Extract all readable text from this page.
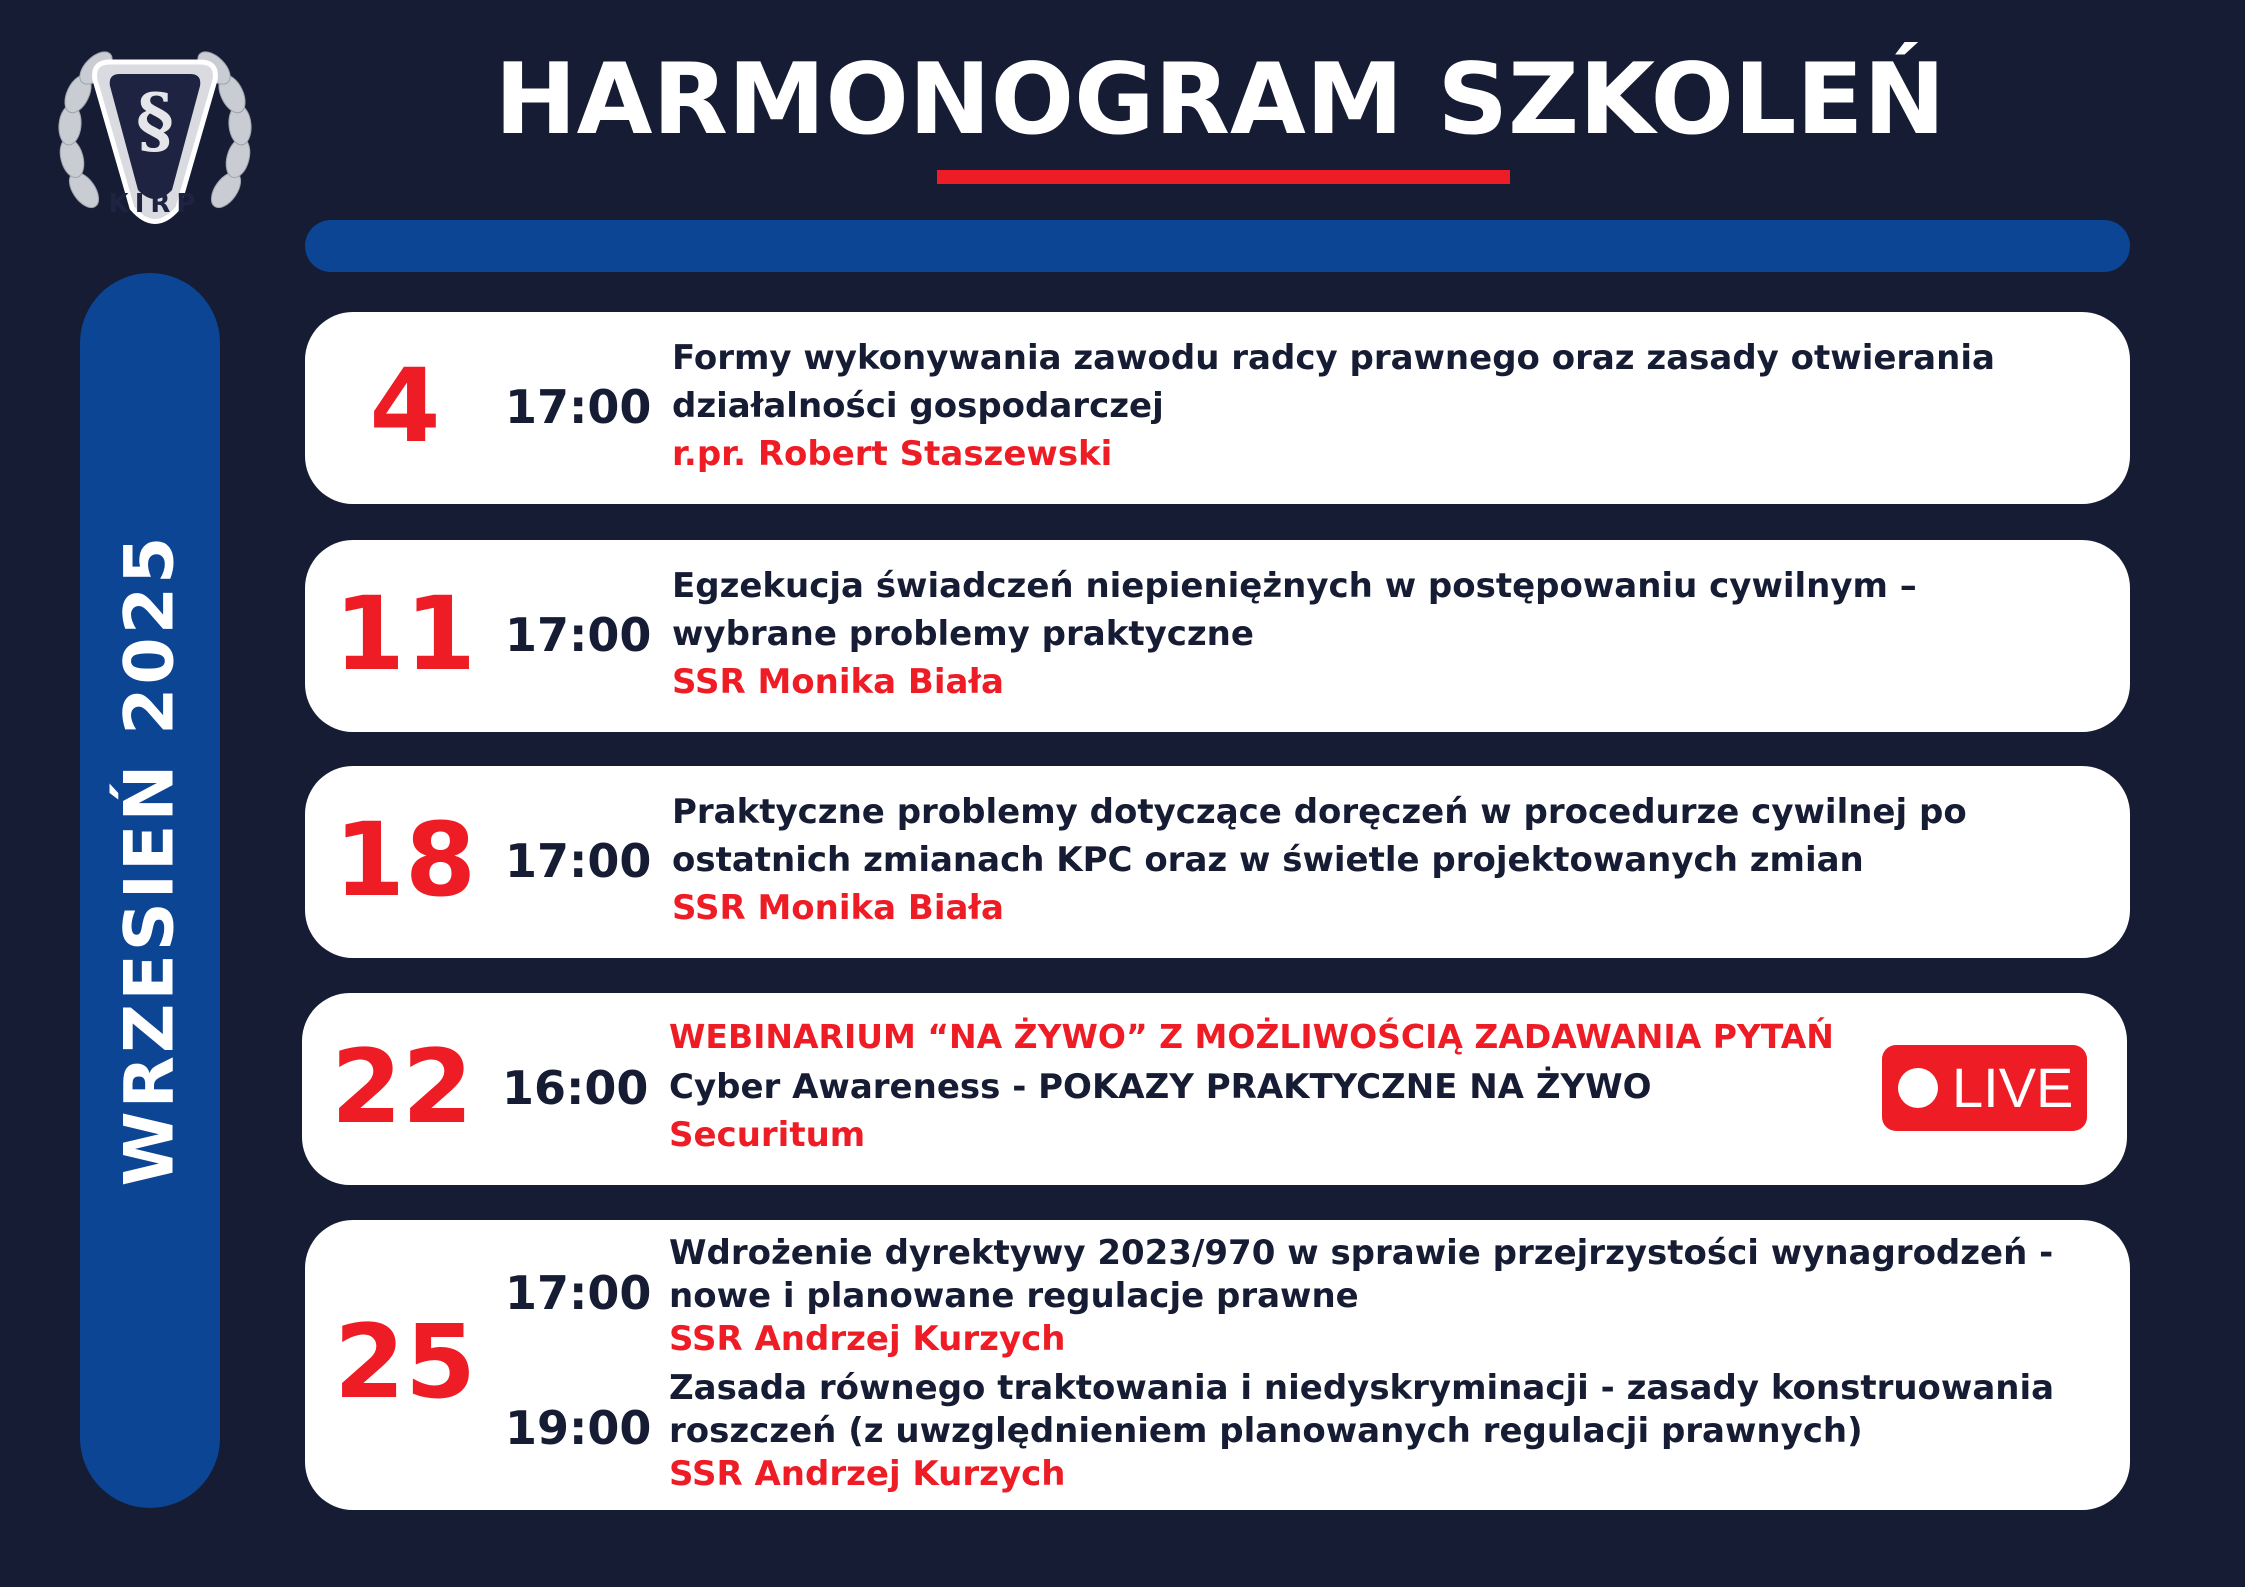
§
KIRP
WRZESIEŃ 2025
HARMONOGRAM SZKOLEŃ
4	17:00
Formy wykonywania zawodu radcy prawnego oraz zasady otwierania działalności gospodarczej
r.pr. Robert Staszewski
11 17:00
Egzekucja świadczeń niepieniężnych w postępowaniu cywilnym – wybrane problemy praktyczne
SSR Monika Biała
18 17:00
Praktyczne problemy dotyczące doręczeń w procedurze cywilnej po ostatnich zmianach KPC oraz w świetle projektowanych zmian
SSR Monika Biała
22 16:00
WEBINARIUM “NA ŻYWO” Z MOŻLIWOŚCIĄ ZADAWANIA PYTAŃ
Cyber Awareness - POKAZY PRAKTYCZNE NA ŻYWO
Securitum
LIVE
25
17:00
19:00
Wdrożenie dyrektywy 2023/970 w sprawie przejrzystości wynagrodzeń - nowe i planowane regulacje prawne
SSR Andrzej Kurzych
Zasada równego traktowania i niedyskryminacji - zasady konstruowania roszczeń (z uwzględnieniem planowanych regulacji prawnych)
SSR Andrzej Kurzych
